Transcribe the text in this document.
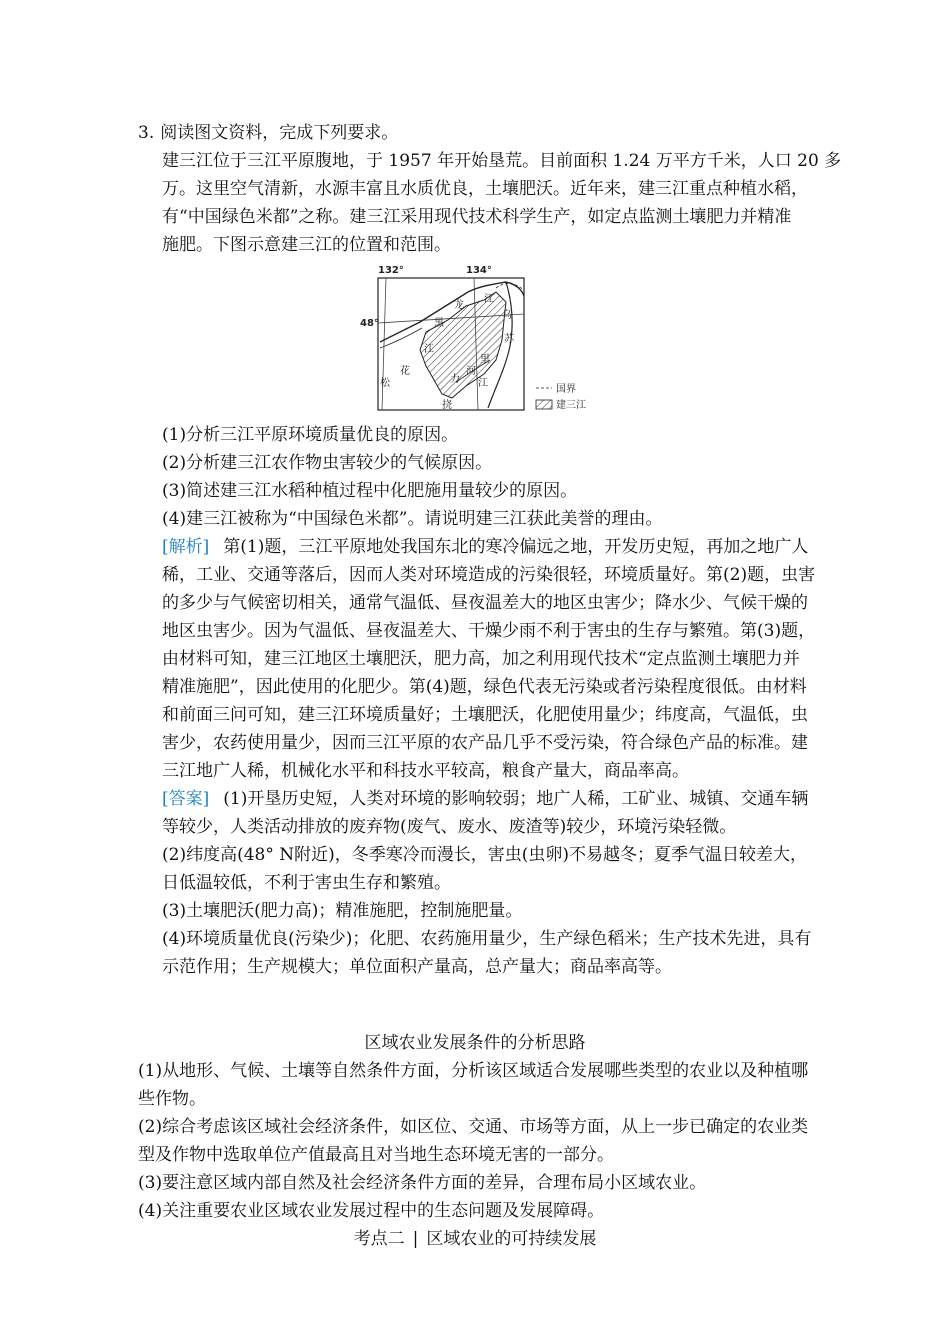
3. 阅读图文资料，完成下列要求。
建三江位于三江平原腹地，于 1957 年开始垦荒。目前面积 1.24 万平方千米，人口 20 多
万。这里空气清新，水源丰富且水质优良，土壤肥沃。近年来，建三江重点种植水稻，
有“中国绿色米都”之称。建三江采用现代技术科学生产，如定点监测土壤肥力并精准
施肥。下图示意建三江的位置和范围。
132°	134°
48°	黑
龙
江
乌
苏
里
江
花
力
河
松
挠
江
国界
建三江
(1)分析三江平原环境质量优良的原因。
(2)分析建三江农作物虫害较少的气候原因。
(3)简述建三江水稻种植过程中化肥施用量较少的原因。
(4)建三江被称为“中国绿色米都”。请说明建三江获此美誉的理由。
[解析] 第(1)题，三江平原地处我国东北的寒冷偏远之地，开发历史短，再加之地广人
稀，工业、交通等落后，因而人类对环境造成的污染很轻，环境质量好。第(2)题，虫害
的多少与气候密切相关，通常气温低、昼夜温差大的地区虫害少；降水少、气候干燥的
地区虫害少。因为气温低、昼夜温差大、干燥少雨不利于害虫的生存与繁殖。第(3)题，
由材料可知，建三江地区土壤肥沃，肥力高，加之利用现代技术“定点监测土壤肥力并
精准施肥”，因此使用的化肥少。第(4)题，绿色代表无污染或者污染程度很低。由材料
和前面三问可知，建三江环境质量好；土壤肥沃，化肥使用量少；纬度高，气温低，虫
害少，农药使用量少，因而三江平原的农产品几乎不受污染，符合绿色产品的标准。建
三江地广人稀，机械化水平和科技水平较高，粮食产量大，商品率高。
[答案] (1)开垦历史短，人类对环境的影响较弱；地广人稀，工矿业、城镇、交通车辆
等较少，人类活动排放的废弃物(废气、废水、废渣等)较少，环境污染轻微。
(2)纬度高(48° N附近)，冬季寒冷而漫长，害虫(虫卵)不易越冬；夏季气温日较差大，
日低温较低，不利于害虫生存和繁殖。
(3)土壤肥沃(肥力高)；精准施肥，控制施肥量。
(4)环境质量优良(污染少)；化肥、农药施用量少，生产绿色稻米；生产技术先进，具有
示范作用；生产规模大；单位面积产量高，总产量大；商品率高等。
区域农业发展条件的分析思路
(1)从地形、气候、土壤等自然条件方面，分析该区域适合发展哪些类型的农业以及种植哪
些作物。
(2)综合考虑该区域社会经济条件，如区位、交通、市场等方面，从上一步已确定的农业类
型及作物中选取单位产值最高且对当地生态环境无害的一部分。
(3)要注意区域内部自然及社会经济条件方面的差异，合理布局小区域农业。
(4)关注重要农业区域农业发展过程中的生态问题及发展障碍。
考点二 | 区域农业的可持续发展
